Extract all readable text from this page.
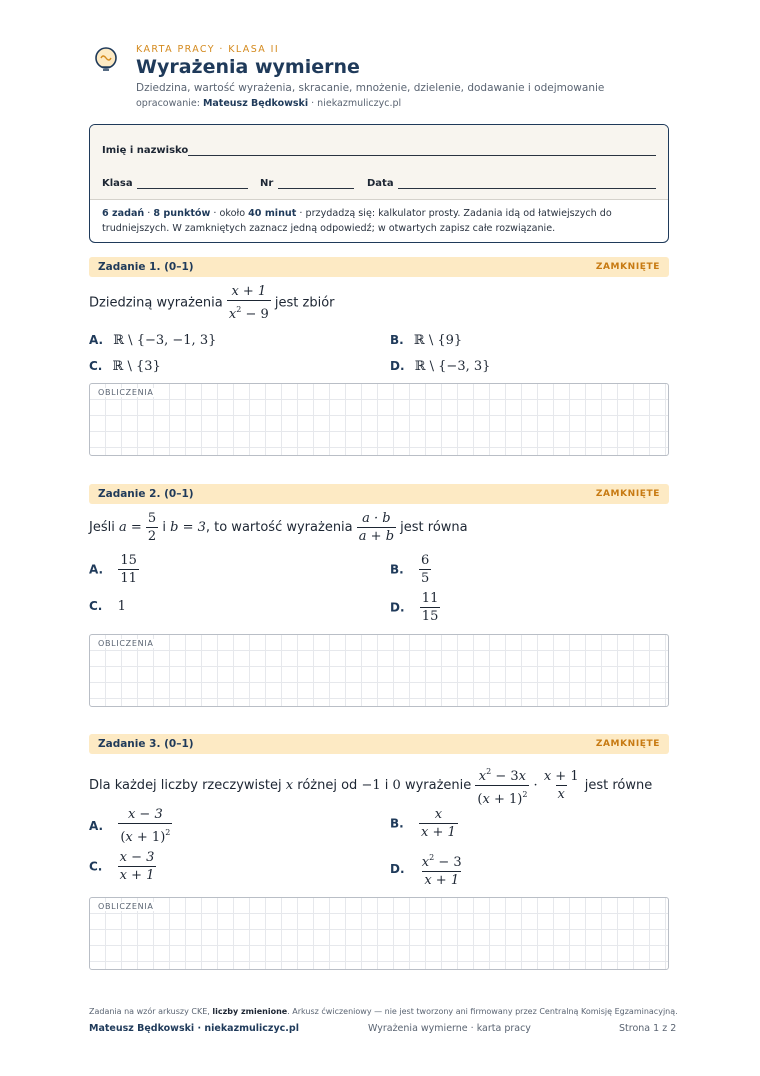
KARTA PRACY · KLASA II
Wyrażenia wymierne
Dziedzina, wartość wyrażenia, skracanie, mnożenie, dzielenie, dodawanie i odejmowanie
opracowanie: Mateusz Będkowski · niekazmuliczyc.pl
Imię i nazwisko
Klasa	Nr	Data
6 zadań · 8 punktów · około 40 minut · przydadzą się: kalkulator prosty. Zadania idą od łatwiejszych do
trudniejszych. W zamkniętych zaznacz jedną odpowiedź; w otwartych zapisz całe rozwiązanie.
Zadanie 1. (0–1)	ZAMKNIĘTE
Dziedziną wyrażenia $\frac{x + 1}{x^2 - 9}$ jest zbiór
A. ℝ \ {−3, −1, 3}	B. ℝ \ {9}
C. ℝ \ {3}	D. ℝ \ {−3, 3}
OBLICZENIA
Zadanie 2. (0–1)	ZAMKNIĘTE
Jeśli $a = \frac{5}{2}$ i b = 3, to wartość wyrażenia $\frac{a \cdot b}{a + b}$ jest równa
A. $\frac{15}{11}$	B. $\frac{6}{5}$
C. 1	D. $\frac{11}{15}$
OBLICZENIA
Zadanie 3. (0–1)	ZAMKNIĘTE
Dla każdej liczby rzeczywistej x różnej od −1 i 0 wyrażenie $\frac{x^2 - 3x}{(x + 1)^2} \cdot \frac{x + 1}{x}$ jest równe
A. $\frac{x - 3}{(x + 1)^2}$	B. $\frac{x}{x + 1}$
C. $\frac{x - 3}{x + 1}$	D. $\frac{x^2 - 3}{x + 1}$
OBLICZENIA
Zadania na wzór arkuszy CKE, liczby zmienione. Arkusz ćwiczeniowy — nie jest tworzony ani firmowany przez Centralną Komisję Egzaminacyjną.
Mateusz Będkowski · niekazmuliczyc.pl	Wyrażenia wymierne · karta pracy	Strona 1 z 2
